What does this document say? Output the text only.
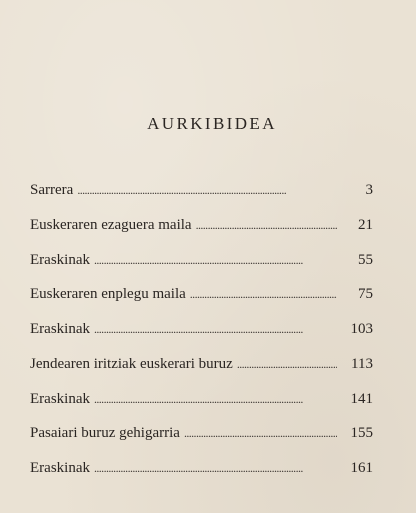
AURKIBIDEA
Sarrera . . .	3
Euskeraren ezaguera maila . . .	21
Eraskinak . . .	55
Euskeraren enplegu maila . . .	75
Eraskinak . . .	103
Jendearen iritziak euskerari buruz . . .	113
Eraskinak . . .	141
Pasaiari buruz gehigarria . . .	155
Eraskinak . . .	161
